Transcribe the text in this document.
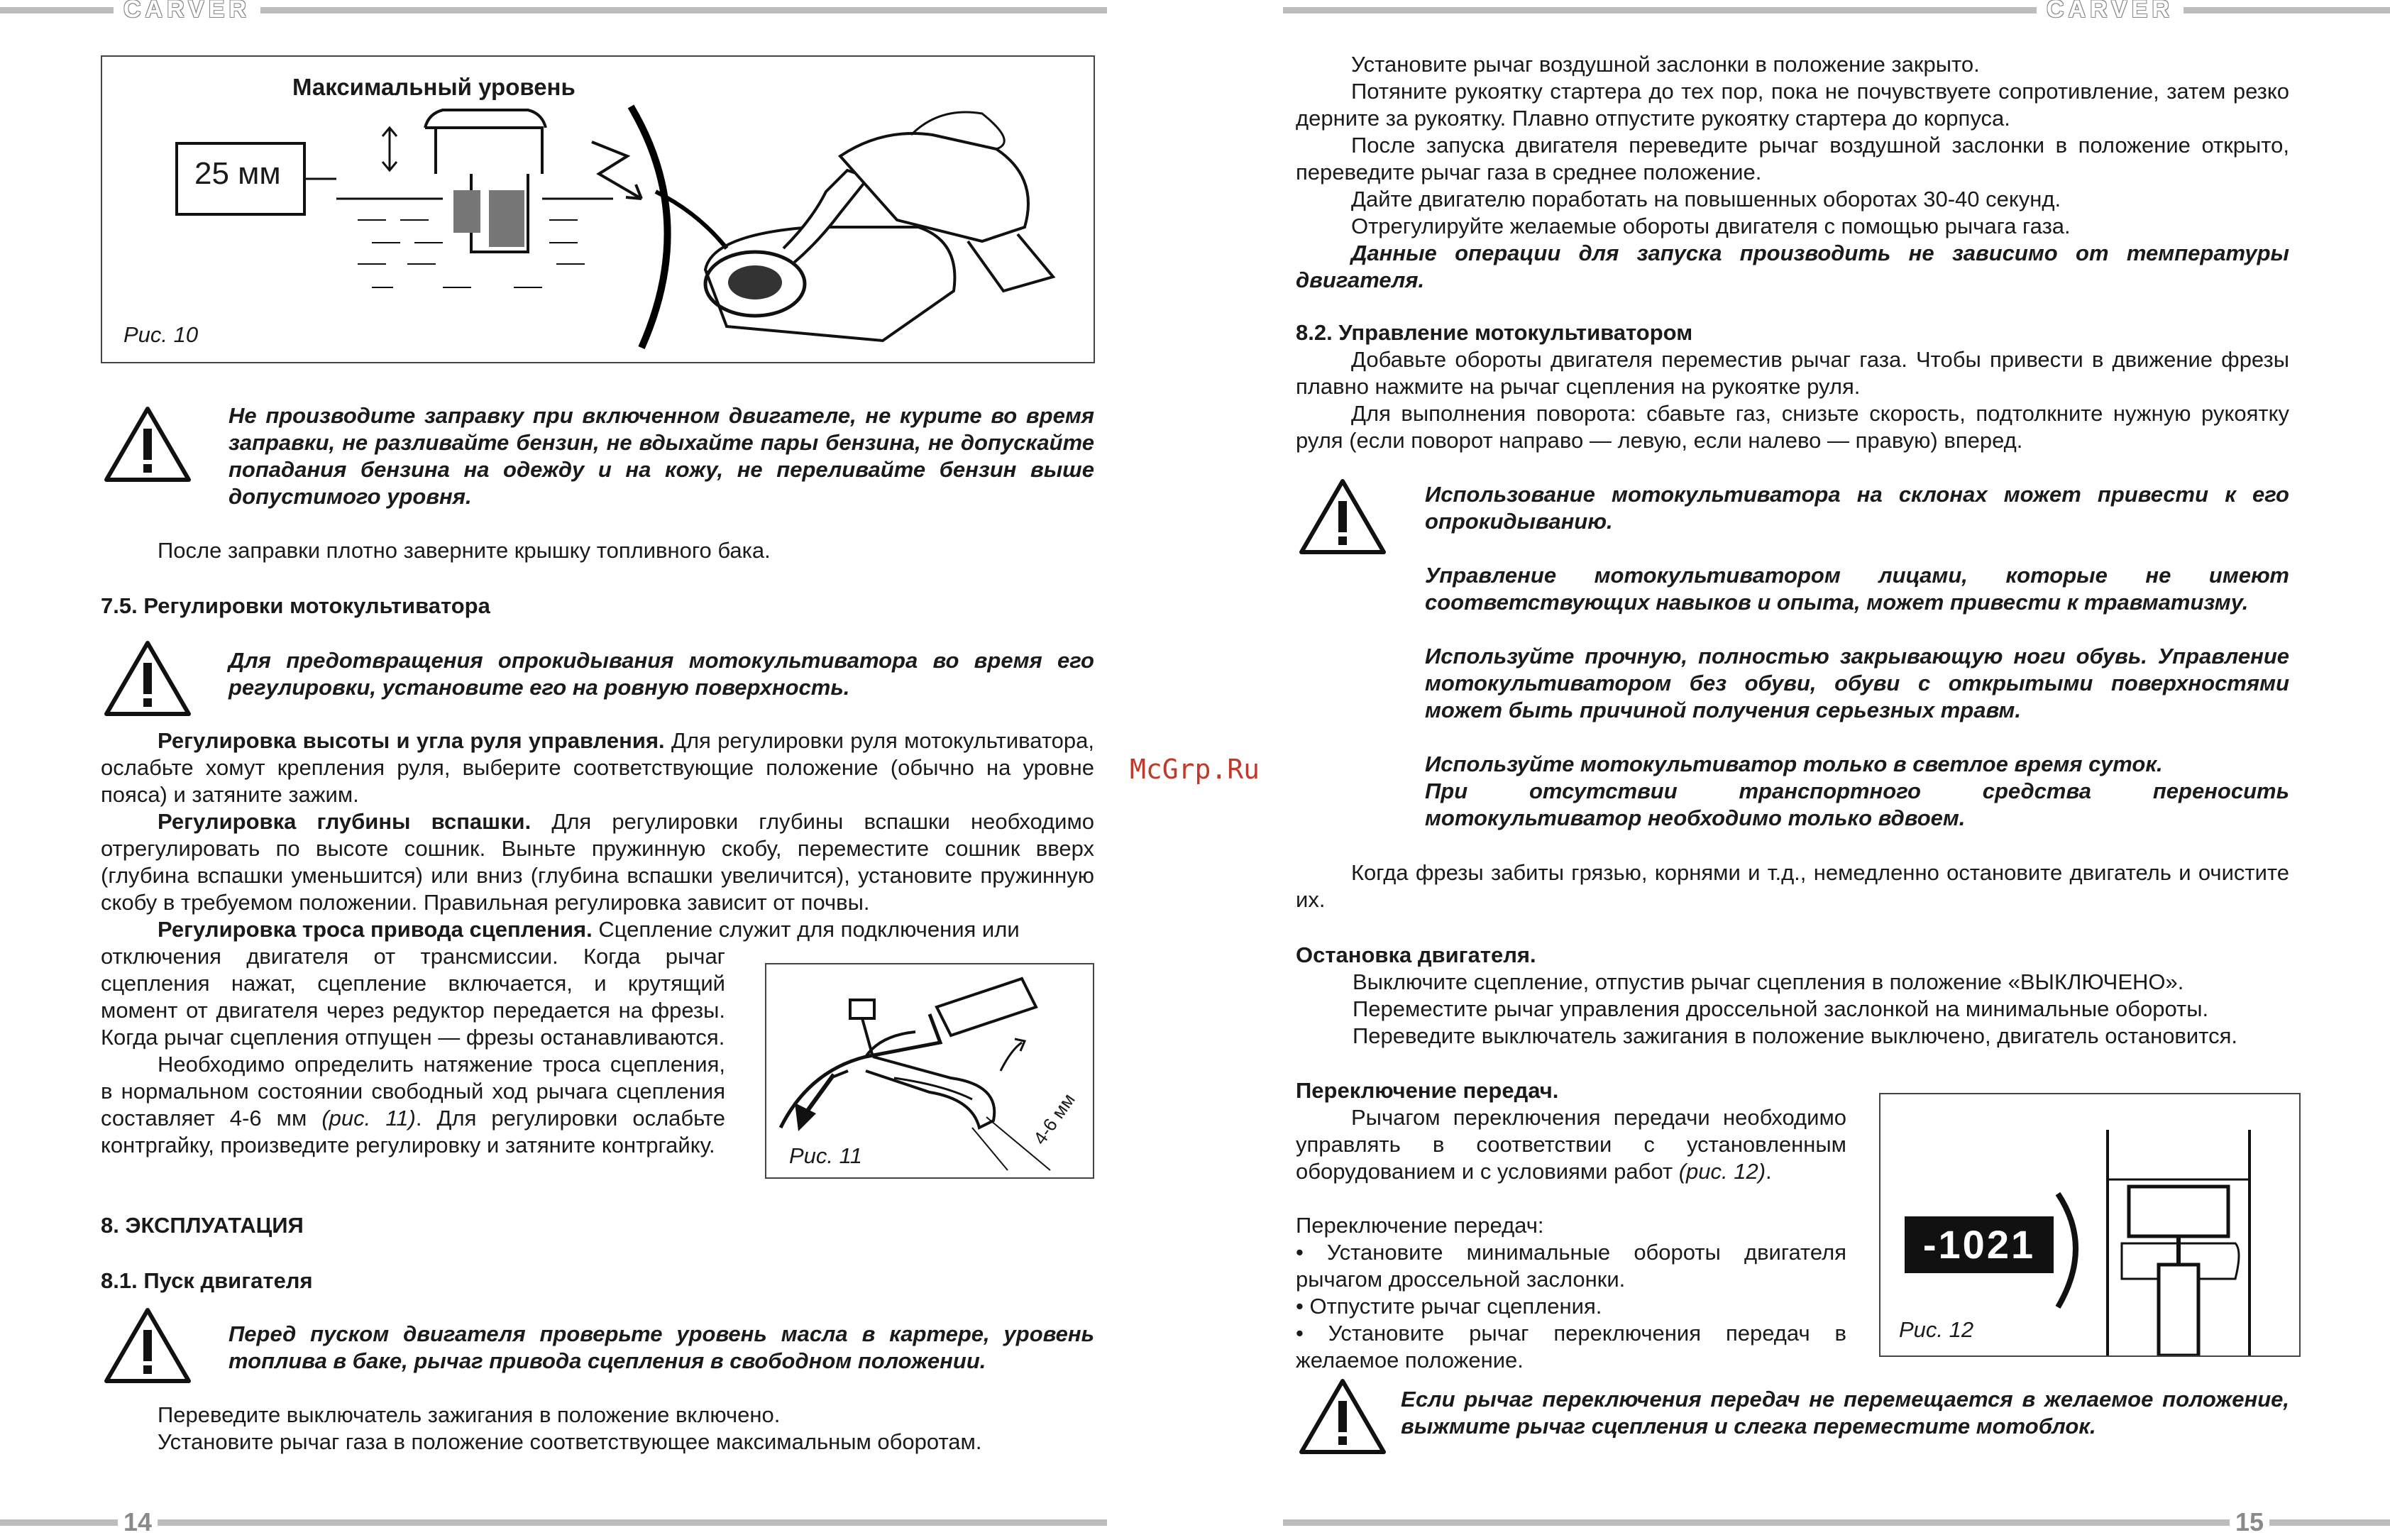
CARVER	CARVER
14	15
McGrp.Ru
Максимальный уровень
25 мм
Рис. 10
Не производите заправку при включенном двигателе, не курите во время заправки, не разливайте бензин, не вдыхайте пары бензина, не допускайте попадания бензина на одежду и на кожу, не переливайте бензин выше допустимого уровня.

После заправки плотно заверните крышку топливного бака.

7.5. Регулировки мотокультиватора
Для предотвращения опрокидывания мотокультиватора во время его регулировки, установите его на ровную поверхность.

Регулировка высоты и угла руля управления. Для регулировки руля мотокультиватора, ослабьте хомут крепления руля, выберите соответствующие положение (обычно на уровне пояса) и затяните зажим.

Регулировка глубины вспашки. Для регулировки глубины вспашки необходимо отрегулировать по высоте сошник. Выньте пружинную скобу, переместите сошник вверх (глубина вспашки уменьшится) или вниз (глубина вспашки увеличится), установите пружинную скобу в требуемом положении. Правильная регулировка зависит от почвы.

Регулировка троса привода сцепления. Сцепление служит для подключения или

отключения двигателя от трансмиссии. Когда рычаг сцепления нажат, сцепление включается, и крутящий момент от двигателя через редуктор передается на фрезы. Когда рычаг сцепления отпущен — фрезы останавливаются.

Необходимо определить натяжение троса сцепления, в нормальном состоянии свободный ход рычага сцепления составляет 4-6 мм (рис. 11). Для регулировки ослабьте контргайку, произведите регулировку и затяните контргайку.	4-6 мм
Рис. 11
8. ЭКСПЛУАТАЦИЯ
8.1. Пуск двигателя
Перед пуском двигателя проверьте уровень масла в картере, уровень топлива в баке, рычаг привода сцепления в свободном положении.

Переведите выключатель зажигания в положение включено.

Установите рычаг газа в положение соответствующее максимальным оборотам.

Установите рычаг воздушной заслонки в положение закрыто.

Потяните рукоятку стартера до тех пор, пока не почувствуете сопротивление, затем резко дерните за рукоятку. Плавно отпустите рукоятку стартера до корпуса.

После запуска двигателя переведите рычаг воздушной заслонки в положение открыто, переведите рычаг газа в среднее положение.

Дайте двигателю поработать на повышенных оборотах 30-40 секунд.

Отрегулируйте желаемые обороты двигателя с помощью рычага газа.

Данные операции для запуска производить не зависимо от температуры двигателя.

8.2. Управление мотокультиватором

Добавьте обороты двигателя переместив рычаг газа. Чтобы привести в движение фрезы плавно нажмите на рычаг сцепления на рукоятке руля.

Для выполнения поворота: сбавьте газ, снизьте скорость, подтолкните нужную рукоятку руля (если поворот направо — левую, если налево — правую) вперед.

Использование мотокультиватора на склонах может привести к его опрокидыванию.

Управление мотокультиватором лицами, которые не имеют соответствующих навыков и опыта, может привести к травматизму.

Используйте прочную, полностью закрывающую ноги обувь. Управление мотокультиватором без обуви, обуви с открытыми поверхностями может быть причиной получения серьезных травм.

Используйте мотокультиватор только в светлое время суток.

При отсутствии транспортного средства переносить мотокультиватор необходимо только вдвоем.

Когда фрезы забиты грязью, корнями и т.д., немедленно остановите двигатель и очистите их.

Остановка двигателя.

Выключите сцепление, отпустив рычаг сцепления в положение «ВЫКЛЮЧЕНО».

Переместите рычаг управления дроссельной заслонкой на минимальные обороты.

Переведите выключатель зажигания в положение выключено, двигатель остановится.

Переключение передач.

Рычагом переключения передачи необходимо управлять в соответствии с установленным оборудованием и с условиями работ (рис. 12).

Переключение передач:

• Установите минимальные обороты двигателя рычагом дроссельной заслонки.

• Отпустите рычаг сцепления.

• Установите рычаг переключения передач в желаемое положение.

-1021
Рис. 12
Если рычаг переключения передач не перемещается в желаемое положение, выжмите рычаг сцепления и слегка переместите мотоблок.
